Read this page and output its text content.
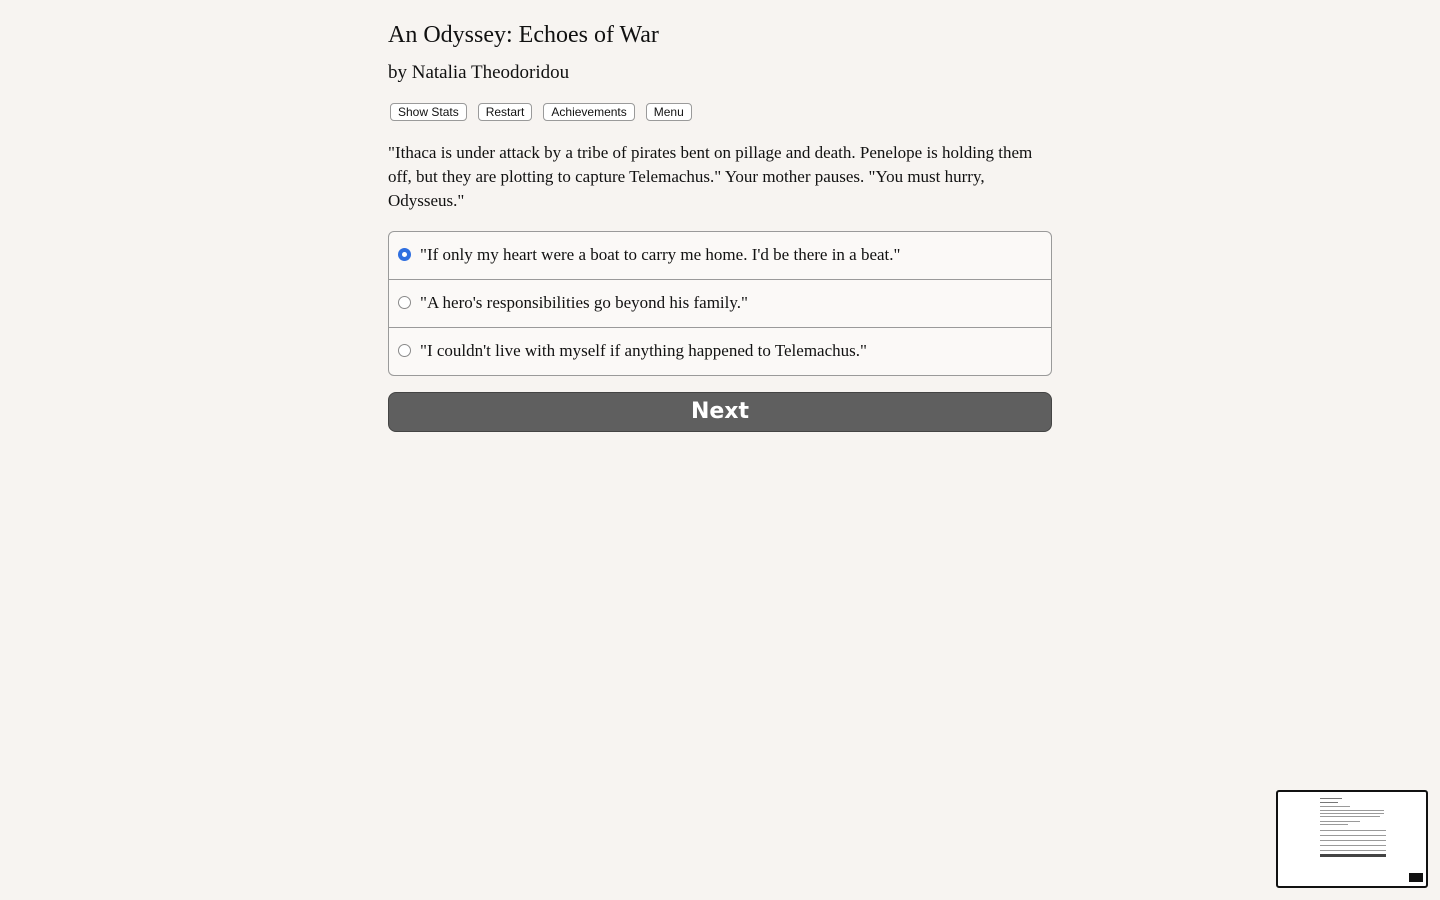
An Odyssey: Echoes of War
by Natalia Theodoridou
Show Stats	Restart	Achievements	Menu
"Ithaca is under attack by a tribe of pirates bent on pillage and death. Penelope is holding them off, but they are plotting to capture Telemachus." Your mother pauses. "You must hurry, Odysseus."
"If only my heart were a boat to carry me home. I'd be there in a beat."
"A hero's responsibilities go beyond his family."
"I couldn't live with myself if anything happened to Telemachus."
Next
